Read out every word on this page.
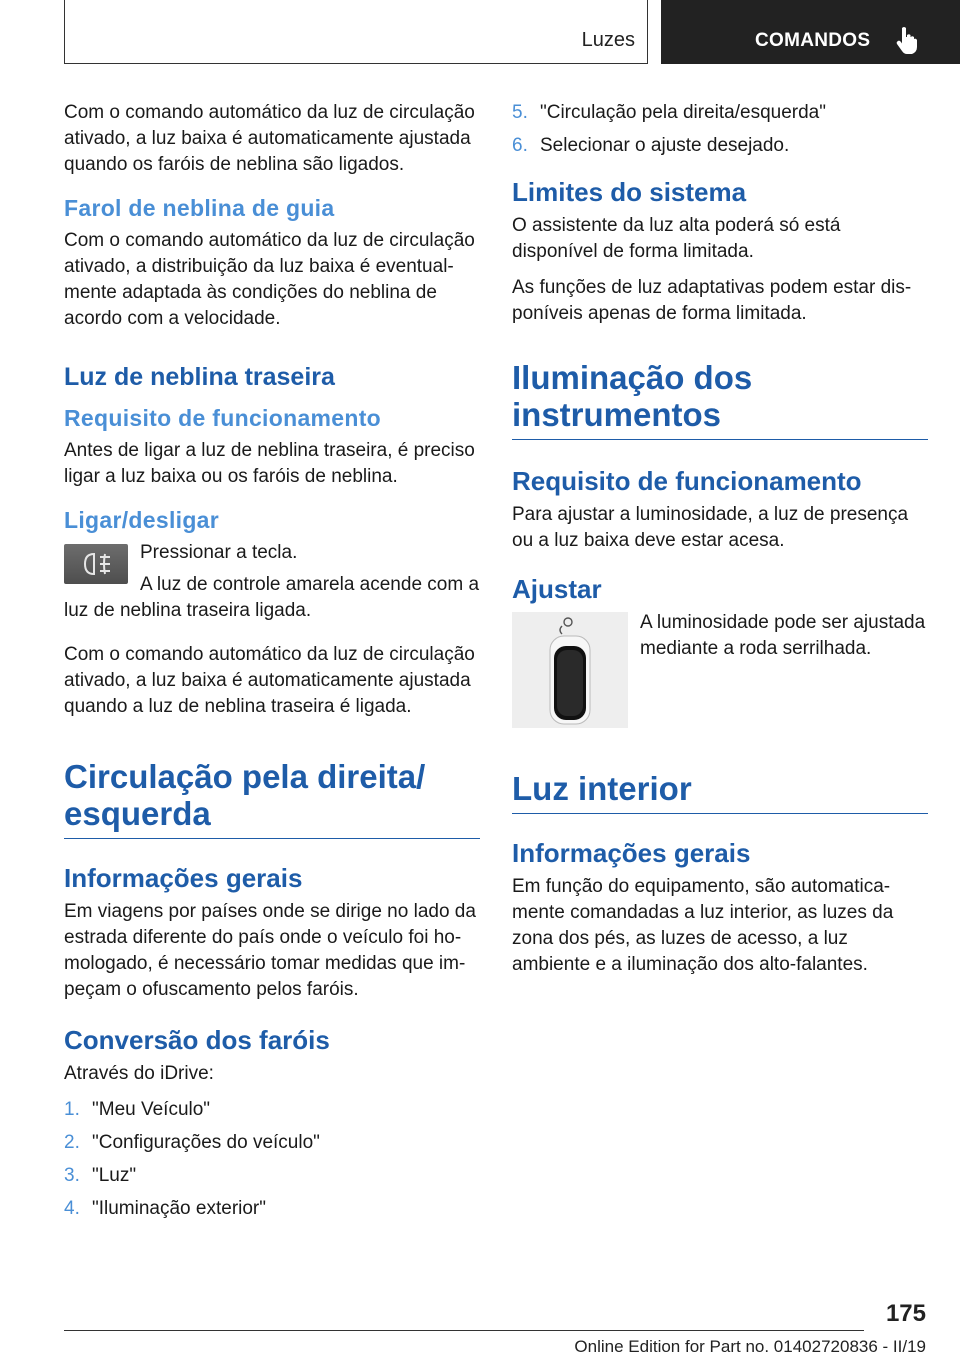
Luzes	COMANDOS

Com o comando automático da luz de circulação ativado, a luz baixa é automaticamente ajustada quando os faróis de neblina são ligados.

Farol de neblina de guia

Com o comando automático da luz de circulação ativado, a distribuição da luz baixa é eventualmente adaptada às condições do neblina de acordo com a velocidade.

Luz de neblina traseira
Requisito de funcionamento

Antes de ligar a luz de neblina traseira, é preciso ligar a luz baixa ou os faróis de neblina.

Ligar/desligar

Pressionar a tecla.

A luz de controle amarela acende com a luz de neblina traseira ligada.

Com o comando automático da luz de circulação ativado, a luz baixa é automaticamente ajustada quando a luz de neblina traseira é ligada.

Circulação pela direita/ esquerda
Informações gerais

Em viagens por países onde se dirige no lado da estrada diferente do país onde o veículo foi homologado, é necessário tomar medidas que impeçam o ofuscamento pelos faróis.

Conversão dos faróis

Através do iDrive:

1. "Meu Veículo"
2. "Configurações do veículo"
3. "Luz"
4. "Iluminação exterior"
5. "Circulação pela direita/esquerda"
6. Selecionar o ajuste desejado.
Limites do sistema

O assistente da luz alta poderá só está disponível de forma limitada.

As funções de luz adaptativas podem estar disponíveis apenas de forma limitada.

Iluminação dos instrumentos
Requisito de funcionamento

Para ajustar a luminosidade, a luz de presença ou a luz baixa deve estar acesa.

Ajustar

A luminosidade pode ser ajustada mediante a roda serrilhada.

Luz interior
Informações gerais

Em função do equipamento, são automaticamente comandadas a luz interior, as luzes da zona dos pés, as luzes de acesso, a luz ambiente e a iluminação dos alto-falantes.

175
Online Edition for Part no. 01402720836 - II/19
